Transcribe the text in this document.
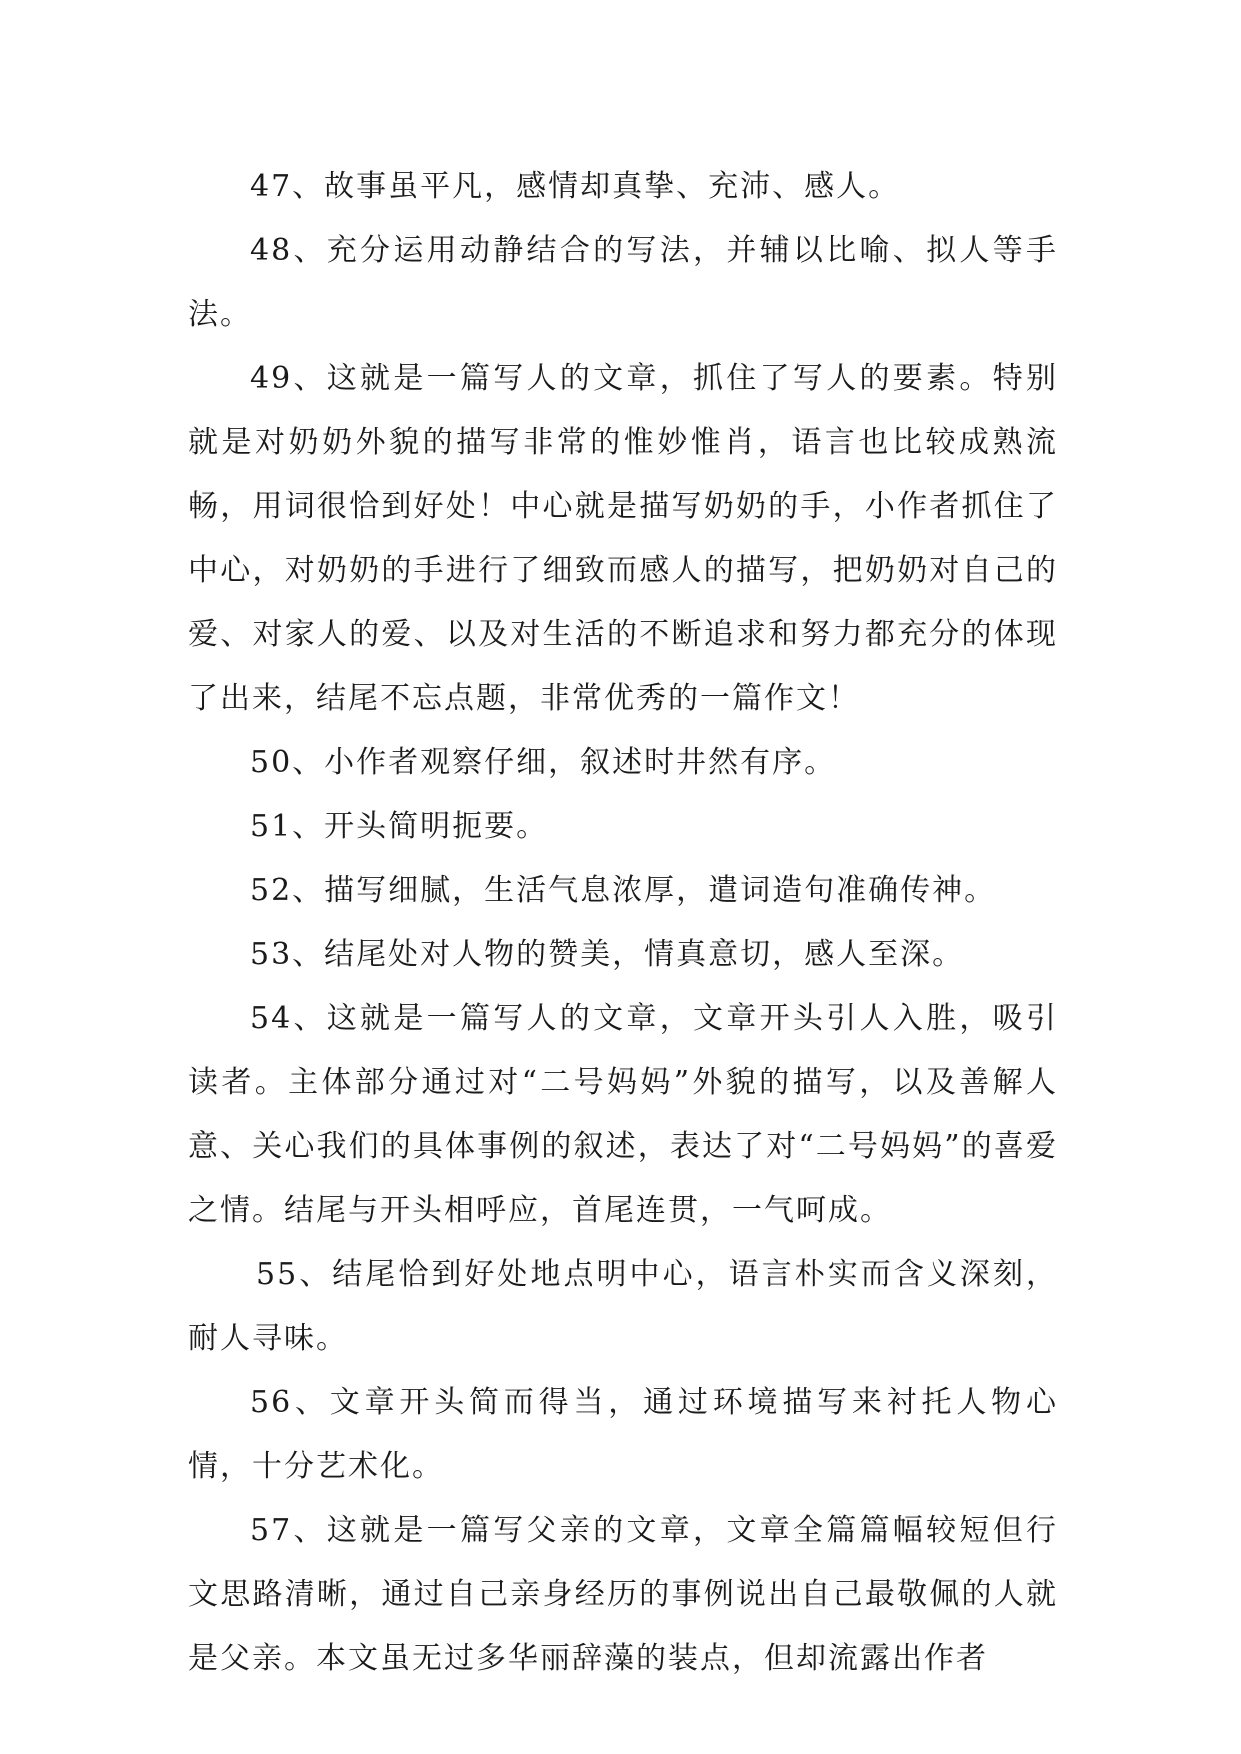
47、故事虽平凡，感情却真挚、充沛、感人。

48、充分运用动静结合的写法，并辅以比喻、拟人等手法。

49、这就是一篇写人的文章，抓住了写人的要素。特别就是对奶奶外貌的描写非常的惟妙惟肖，语言也比较成熟流畅，用词很恰到好处！中心就是描写奶奶的手，小作者抓住了中心，对奶奶的手进行了细致而感人的描写，把奶奶对自己的爱、对家人的爱、以及对生活的不断追求和努力都充分的体现了出来，结尾不忘点题，非常优秀的一篇作文！

50、小作者观察仔细，叙述时井然有序。

51、开头简明扼要。

52、描写细腻，生活气息浓厚，遣词造句准确传神。

53、结尾处对人物的赞美，情真意切，感人至深。

54、这就是一篇写人的文章，文章开头引人入胜，吸引读者。主体部分通过对“二号妈妈”外貌的描写，以及善解人意、关心我们的具体事例的叙述，表达了对“二号妈妈”的喜爱之情。结尾与开头相呼应，首尾连贯，一气呵成。

55、结尾恰到好处地点明中心，语言朴实而含义深刻，耐人寻味。

56、文章开头简而得当，通过环境描写来衬托人物心情，十分艺术化。

57、这就是一篇写父亲的文章，文章全篇篇幅较短但行文思路清晰，通过自己亲身经历的事例说出自己最敬佩的人就是父亲。本文虽无过多华丽辞藻的装点，但却流露出作者
